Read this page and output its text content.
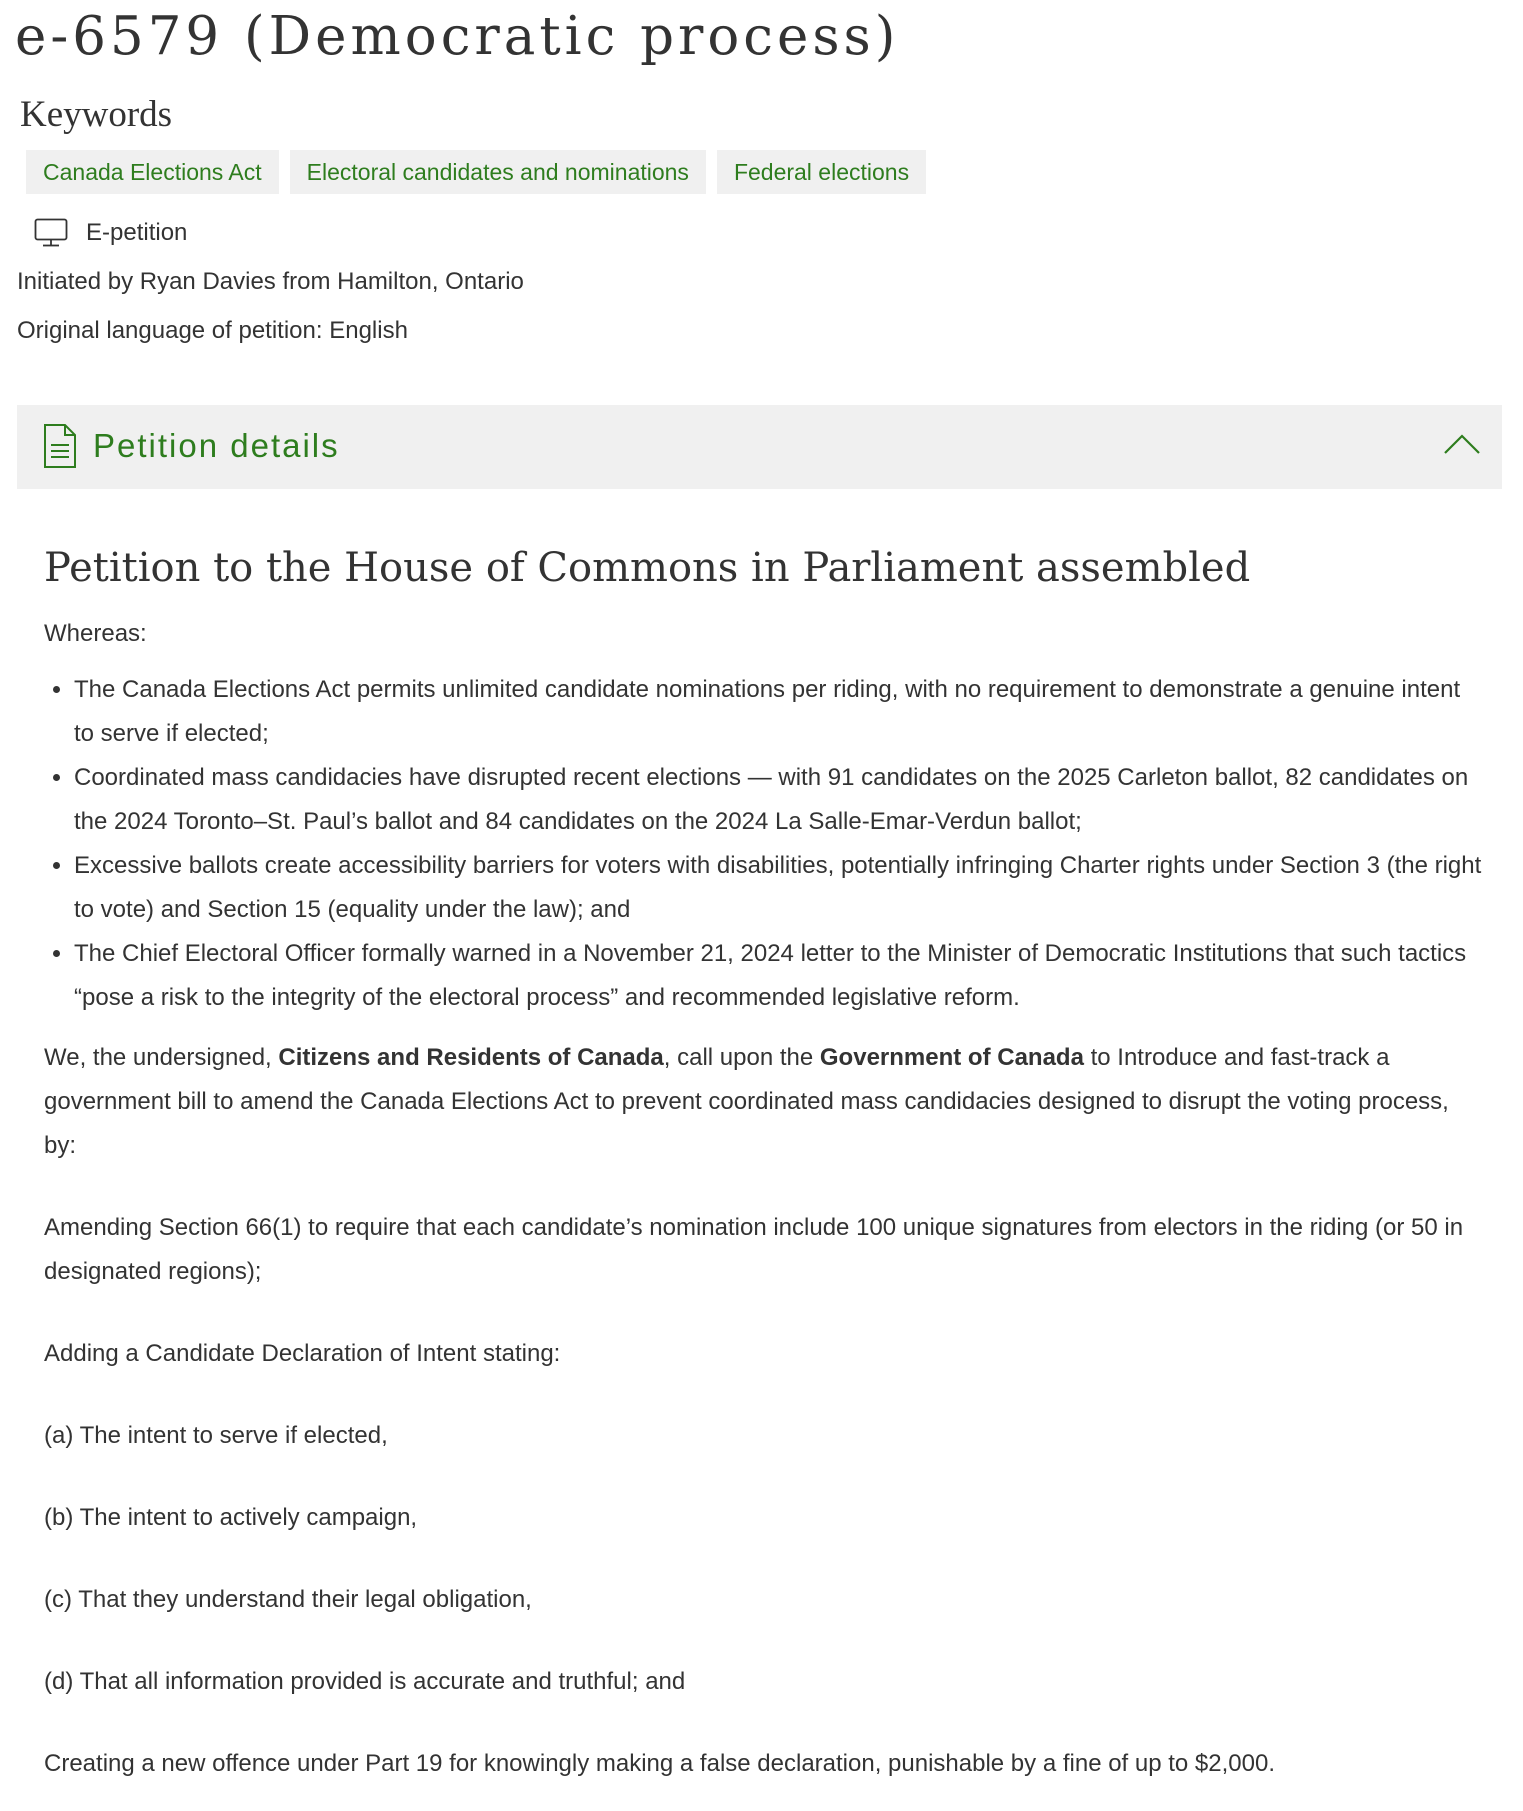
e-6579 (Democratic process)
Keywords
Canada Elections Act	Electoral candidates and nominations	Federal elections
E-petition
Initiated by Ryan Davies from Hamilton, Ontario
Original language of petition: English
Petition details
Petition to the House of Commons in Parliament assembled

Whereas:

• The Canada Elections Act permits unlimited candidate nominations per riding, with no requirement to demonstrate a genuine intent to serve if elected;
• Coordinated mass candidacies have disrupted recent elections — with 91 candidates on the 2025 Carleton ballot, 82 candidates on the 2024 Toronto–St. Paul’s ballot and 84 candidates on the 2024 La Salle-Emar-Verdun ballot;
• Excessive ballots create accessibility barriers for voters with disabilities, potentially infringing Charter rights under Section 3 (the right to vote) and Section 15 (equality under the law); and
• The Chief Electoral Officer formally warned in a November 21, 2024 letter to the Minister of Democratic Institutions that such tactics “pose a risk to the integrity of the electoral process” and recommended legislative reform.

We, the undersigned, Citizens and Residents of Canada, call upon the Government of Canada to Introduce and fast-track a government bill to amend the Canada Elections Act to prevent coordinated mass candidacies designed to disrupt the voting process, by:

Amending Section 66(1) to require that each candidate’s nomination include 100 unique signatures from electors in the riding (or 50 in designated regions);

Adding a Candidate Declaration of Intent stating:

(a) The intent to serve if elected,

(b) The intent to actively campaign,

(c) That they understand their legal obligation,

(d) That all information provided is accurate and truthful; and

Creating a new offence under Part 19 for knowingly making a false declaration, punishable by a fine of up to $2,000.
